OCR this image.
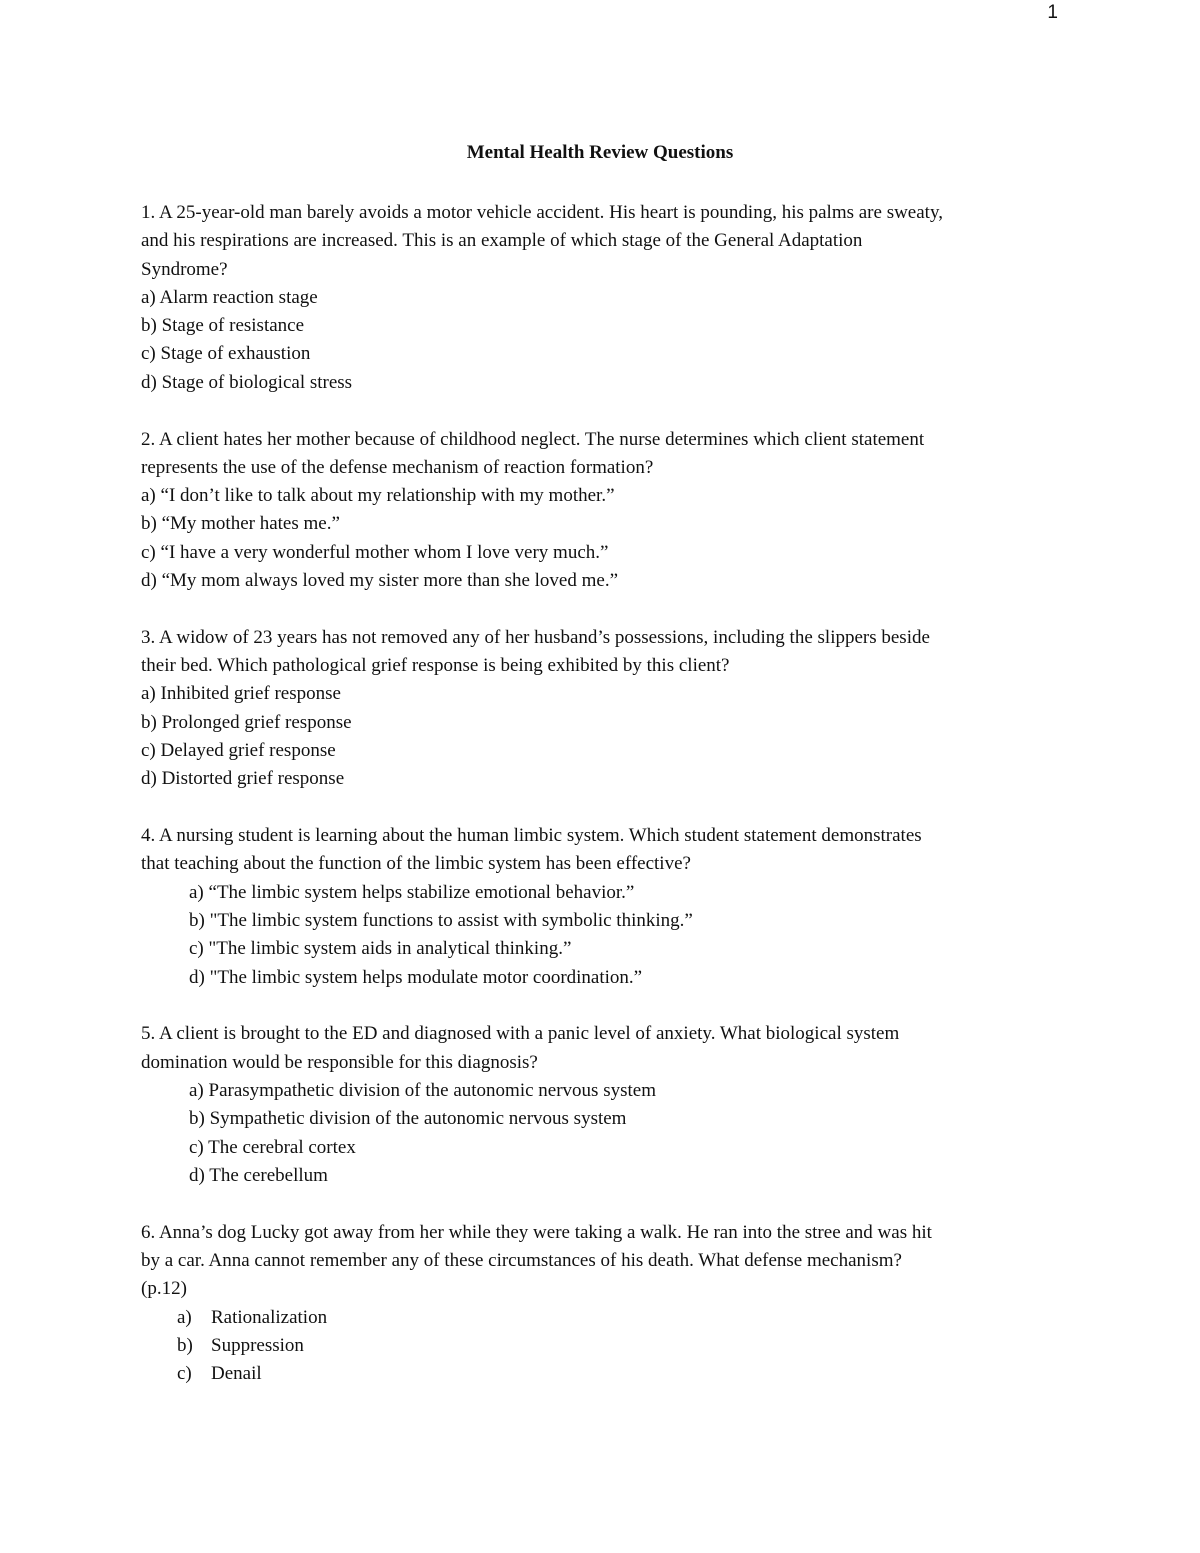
1
Mental Health Review Questions
1. A 25-year-old man barely avoids a motor vehicle accident. His heart is pounding, his palms are sweaty,
and his respirations are increased. This is an example of which stage of the General Adaptation
Syndrome?
a) Alarm reaction stage
b) Stage of resistance
c) Stage of exhaustion
d) Stage of biological stress
2. A client hates her mother because of childhood neglect. The nurse determines which client statement
represents the use of the defense mechanism of reaction formation?
a) “I don’t like to talk about my relationship with my mother.”
b) “My mother hates me.”
c) “I have a very wonderful mother whom I love very much.”
d) “My mom always loved my sister more than she loved me.”
3. A widow of 23 years has not removed any of her husband’s possessions, including the slippers beside
their bed. Which pathological grief response is being exhibited by this client?
a) Inhibited grief response
b) Prolonged grief response
c) Delayed grief response
d) Distorted grief response
4. A nursing student is learning about the human limbic system. Which student statement demonstrates
that teaching about the function of the limbic system has been effective?
a) “The limbic system helps stabilize emotional behavior.”
b) "The limbic system functions to assist with symbolic thinking.”
c) "The limbic system aids in analytical thinking.”
d) "The limbic system helps modulate motor coordination.”
5. A client is brought to the ED and diagnosed with a panic level of anxiety. What biological system
domination would be responsible for this diagnosis?
a) Parasympathetic division of the autonomic nervous system
b) Sympathetic division of the autonomic nervous system
c) The cerebral cortex
d) The cerebellum
6. Anna’s dog Lucky got away from her while they were taking a walk. He ran into the stree and was hit
by a car. Anna cannot remember any of these circumstances of his death. What defense mechanism?
(p.12)
a) Rationalization
b) Suppression
c) Denail
